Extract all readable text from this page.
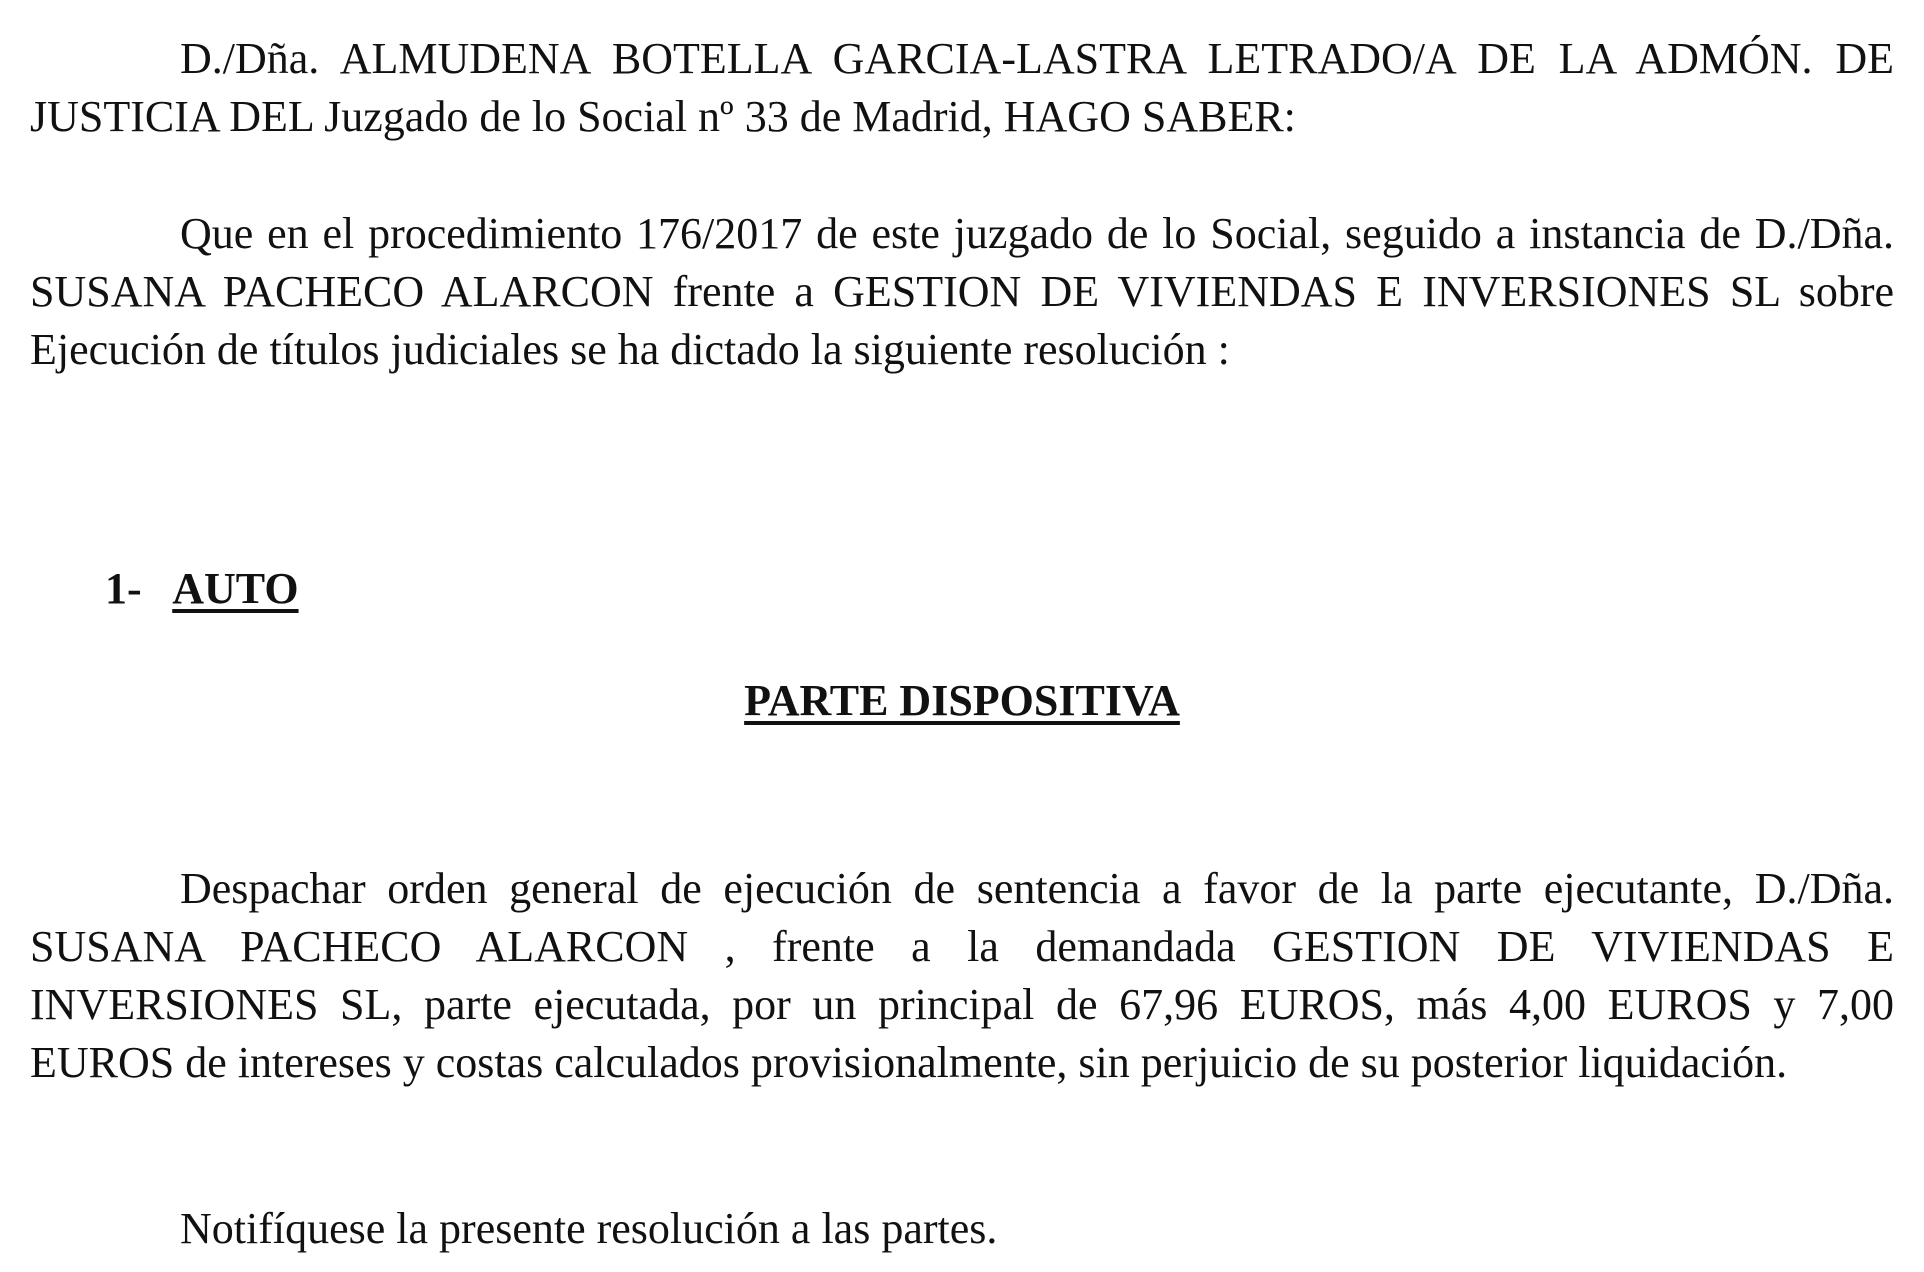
D./Dña. ALMUDENA BOTELLA GARCIA-LASTRA LETRADO/A DE LA ADMÓN. DE JUSTICIA DEL Juzgado de lo Social nº 33 de Madrid, HAGO SABER:

Que en el procedimiento 176/2017 de este juzgado de lo Social, seguido a instancia de D./Dña. SUSANA PACHECO ALARCON frente a GESTION DE VIVIENDAS E INVERSIONES SL sobre Ejecución de títulos judiciales se ha dictado la siguiente resolución :

1- AUTO
PARTE DISPOSITIVA

Despachar orden general de ejecución de sentencia a favor de la parte ejecutante, D./Dña. SUSANA PACHECO ALARCON , frente a la demandada GESTION DE VIVIENDAS E INVERSIONES SL, parte ejecutada, por un principal de 67,96 EUROS, más 4,00 EUROS y 7,00 EUROS de intereses y costas calculados provisionalmente, sin perjuicio de su posterior liquidación.

Notifíquese la presente resolución a las partes.
